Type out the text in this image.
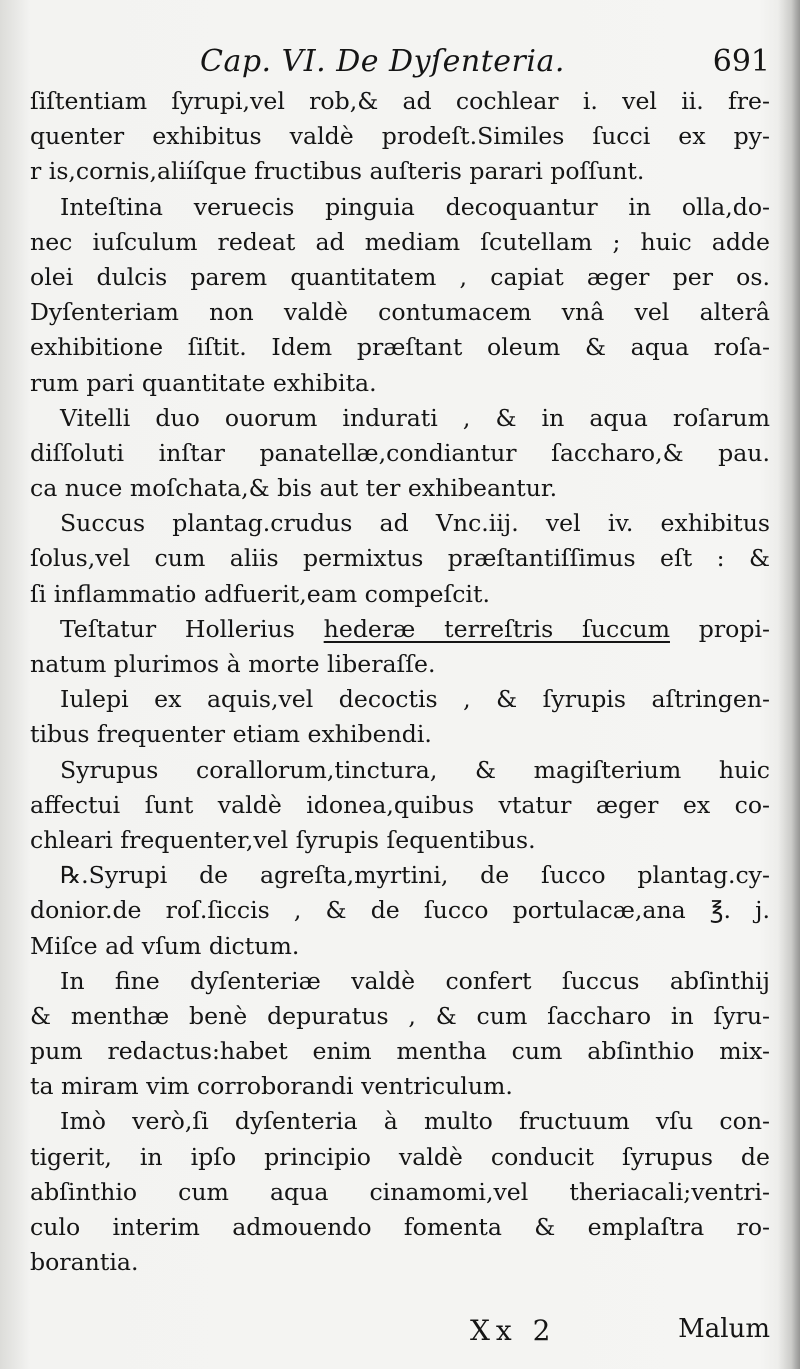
Cap. VI. De Dyſenteria.	691
ſiſtentiam ſyrupi,vel rob,& ad cochlear i. vel ii. fre-
quenter exhibitus valdè prodeſt.Similes ſucci ex py-
r is,cornis,aliíſque fructibus auſteris parari poſſunt.
Inteſtina veruecis pinguia decoquantur in olla,do-
nec iuſculum redeat ad mediam ſcutellam ; huic adde
olei dulcis parem quantitatem , capiat æger per os.
Dyſenteriam non valdè contumacem vnâ vel alterâ
exhibitione ſiſtit. Idem præſtant oleum & aqua roſa-
rum pari quantitate exhibita.
Vitelli duo ouorum indurati , & in aqua roſarum
diſſoluti inſtar panatellæ,condiantur ſaccharo,& pau.
ca nuce moſchata,& bis aut ter exhibeantur.
Succus plantag.crudus ad Vnc.iij. vel iv. exhibitus
ſolus,vel cum aliis permixtus præſtantiſſimus eſt : &
ſi inflammatio adfuerit,eam compeſcit.
Teſtatur Hollerius hederæ terreſtris ſuccum propi-
natum plurimos à morte liberaſſe.
Iulepi ex aquis,vel decoctis , & ſyrupis aſtringen-
tibus frequenter etiam exhibendi.
Syrupus corallorum,tinctura, & magiſterium huic
affectui ſunt valdè idonea,quibus vtatur æger ex co-
chleari frequenter,vel ſyrupis ſequentibus.
℞.Syrupi de agreſta,myrtini, de ſucco plantag.cy-
donior.de roſ.ſiccis , & de ſucco portulacæ,ana ℥. j.
Miſce ad vſum dictum.
In fine dyſenteriæ valdè confert ſuccus abſinthij
& menthæ benè depuratus , & cum ſaccharo in ſyru-
pum redactus:habet enim mentha cum abſinthio mix-
ta miram vim corroborandi ventriculum.
Imò verò,ſi dyſenteria à multo fructuum vſu con-
tigerit, in ipſo principio valdè conducit ſyrupus de
abſinthio cum aqua cinamomi,vel theriacali;ventri-
culo interim admouendo fomenta & emplaſtra ro-
borantia.
Xx 2	Malum
